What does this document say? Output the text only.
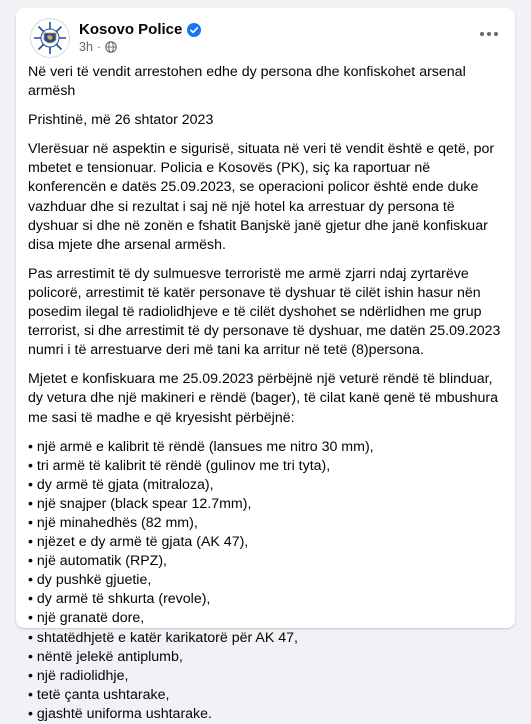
Kosovo Police
3h ·

Në veri të vendit arrestohen edhe dy persona dhe konfiskohet arsenal armësh

Prishtinë, më 26 shtator 2023

Vlerësuar në aspektin e sigurisë, situata në veri të vendit është e qetë, por mbetet e tensionuar. Policia e Kosovës (PK), siç ka raportuar në konferencën e datës 25.09.2023, se operacioni policor është ende duke vazhduar dhe si rezultat i saj në një hotel ka arrestuar dy persona të dyshuar si dhe në zonën e fshatit Banjskë janë gjetur dhe janë konfiskuar disa mjete dhe arsenal armësh.

Pas arrestimit të dy sulmuesve terroristë me armë zjarri ndaj zyrtarëve policorë, arrestimit të katër personave të dyshuar të cilët ishin hasur nën posedim ilegal të radiolidhjeve e të cilët dyshohet se ndërlidhen me grup terrorist, si dhe arrestimit të dy personave të dyshuar, me datën 25.09.2023 numri i të arrestuarve deri më tani ka arritur në tetë (8)persona.

Mjetet e konfiskuara me 25.09.2023 përbëjnë një veturë rëndë të blinduar, dy vetura dhe një makineri e rëndë (bager), të cilat kanë qenë të mbushura me sasi të madhe e që kryesisht përbëjnë:

• një armë e kalibrit të rëndë (lansues me nitro 30 mm),
• tri armë të kalibrit të rëndë (gulinov me tri tyta),
• dy armë të gjata (mitraloza),
• një snajper (black spear 12.7mm),
• një minahedhës (82 mm),
• njëzet e dy armë të gjata (AK 47),
• një automatik (RPZ),
• dy pushkë gjuetie,
• dy armë të shkurta (revole),
• një granatë dore,
• shtatëdhjetë e katër karikatorë për AK 47,
• nëntë jelekë antiplumb,
• një radiolidhje,
• tetë çanta ushtarake,
• gjashtë uniforma ushtarake.
